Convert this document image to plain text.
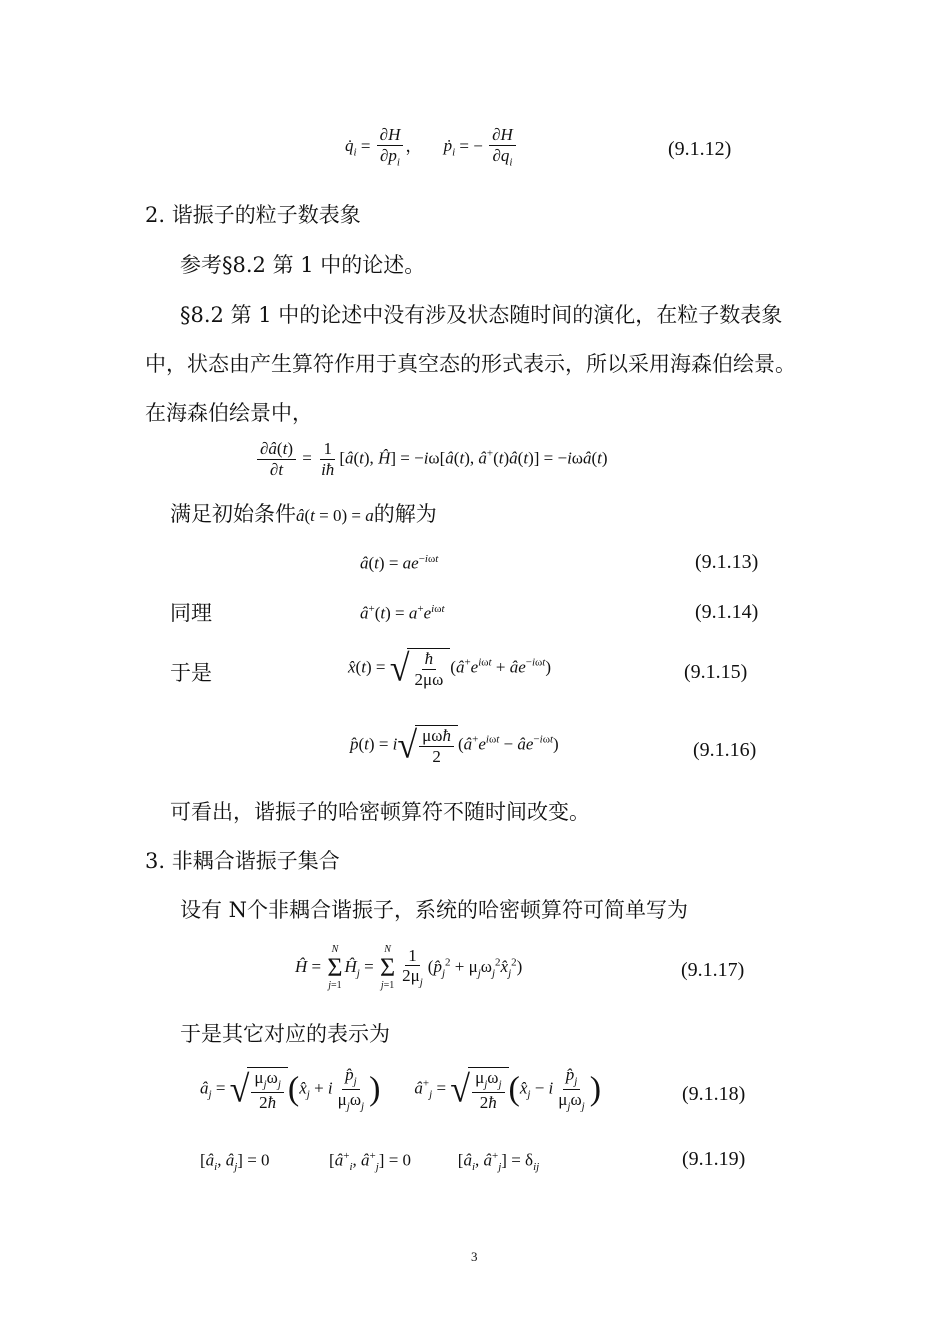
$q̇_i = \frac{\partial H}{\partial p_i}$ ，     ṗ$_i$ = − $\frac{\partial H}{\partial q_i}$	(9.1.12)
2. 谐振子的粒子数表象
参考§8.2 第 1 中的论述。
§8.2 第 1 中的论述中没有涉及状态随时间的演化，在粒子数表象
中，状态由产生算符作用于真空态的形式表示，所以采用海森伯绘景。
在海森伯绘景中，
$\frac{\partial â(t)}{\partial t} = \frac{1}{iħ}$ [â(t), Ĥ] = −iω[â(t), â+(t)â(t)] = −iωâ(t)
满足初始条件â(t = 0) = a的解为
â(t) = $ae^{-i\omega t}$	(9.1.13)
同理	â+(t) = $a^+e^{i\omega t}$	(9.1.14)
于是	x̂(t) = √ $\frac{ħ}{2\mu\omega}$ ($â^+e^{i\omega t}$ + $âe^{-i\omega t}$)	(9.1.15)
p̂(t) = i √ $\frac{\text{μωħ}}{2}$ ($â^+e^{i\omega t}$ − $âe^{-i\omega t}$)	(9.1.16)
可看出，谐振子的哈密顿算符不随时间改变。
3. 非耦合谐振子集合
设有 N个非耦合谐振子，系统的哈密顿算符可简单写为
Ĥ =
N
Σ
j=1
$Ĥ_j$ =
N
Σ
$j=1 \frac{1}{2\mu_j}$ ($p̂_j^2$ + $\mu_j\omega_j^2x̂_j^2$)	(9.1.17)
于是其它对应的表示为
$â_j$ = √ $\frac{\mu_j\omega_j}{2ħ}$ ($x̂_j + i \frac{p̂_j}{\mu_j\omega_j}$ ) $â^+_j$ = √ $\frac{\mu_j\omega_j}{2ħ}$ ($x̂_j - i \frac{p̂_j}{\mu_j\omega_j}$ )	(9.1.18)
[$â_i$, $â_j] = 0$              [$â^+_i$, $â^+_j] = 0$           [$â_i$, $â^+_j] = \delta_{ij}$	(9.1.19)
3
